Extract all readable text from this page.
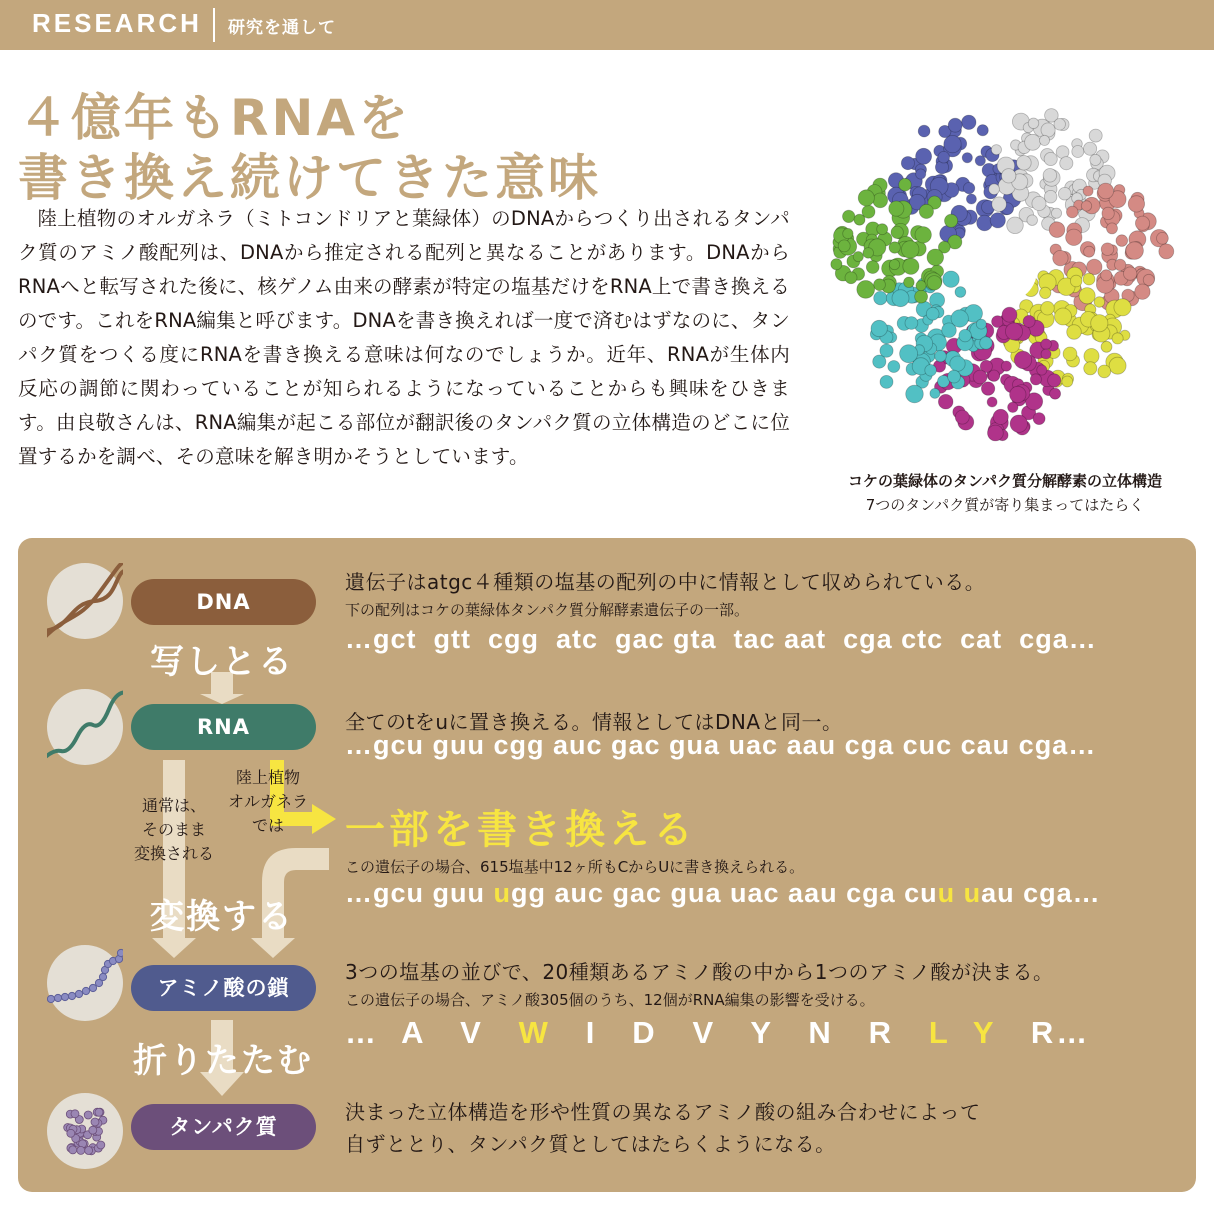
RESEARCH 研究を通して
４億年もRNAを
書き換え続けてきた意味
陸上植物のオルガネラ（ミトコンドリアと葉緑体）のDNAからつくり出されるタンパク質のアミノ酸配列は、DNAから推定される配列と異なることがあります。DNAからRNAへと転写された後に、核ゲノム由来の酵素が特定の塩基だけをRNA上で書き換えるのです。これをRNA編集と呼びます。DNAを書き換えれば一度で済むはずなのに、タンパク質をつくる度にRNAを書き換える意味は何なのでしょうか。近年、RNAが生体内反応の調節に関わっていることが知られるようになっていることからも興味をひきます。由良敬さんは、RNA編集が起こる部位が翻訳後のタンパク質の立体構造のどこに位置するかを調べ、その意味を解き明かそうとしています。
コケの葉緑体のタンパク質分解酵素の立体構造
7つのタンパク質が寄り集まってはたらく
DNA
RNA
アミノ酸の鎖
タンパク質
写しとる
変換する
折りたたむ
通常は、
そのまま
変換される
陸上植物
オルガネラ
では
遺伝子はatgc４種類の塩基の配列の中に情報として収められている。
下の配列はコケの葉緑体タンパク質分解酵素遺伝子の一部。
…gct  gtt  cgg  atc  gac gta  tac aat  cga ctc  cat  cga…
全てのtをuに置き換える。情報としてはDNAと同一。
…gcu guu cgg auc gac gua uac aau cga cuc cau cga…
一部を書き換える
この遺伝子の場合、615塩基中12ヶ所もCからUに書き換えられる。
…gcu guu ugg auc gac gua uac aau cga cuu uau cga…
3つの塩基の並びで、20種類あるアミノ酸の中から1つのアミノ酸が決まる。
この遺伝子の場合、アミノ酸305個のうち、12個がRNA編集の影響を受ける。
…  A   V   W   I   D   V   Y   N   R   L Y   R…
決まった立体構造を形や性質の異なるアミノ酸の組み合わせによって
自ずととり、タンパク質としてはたらくようになる。
